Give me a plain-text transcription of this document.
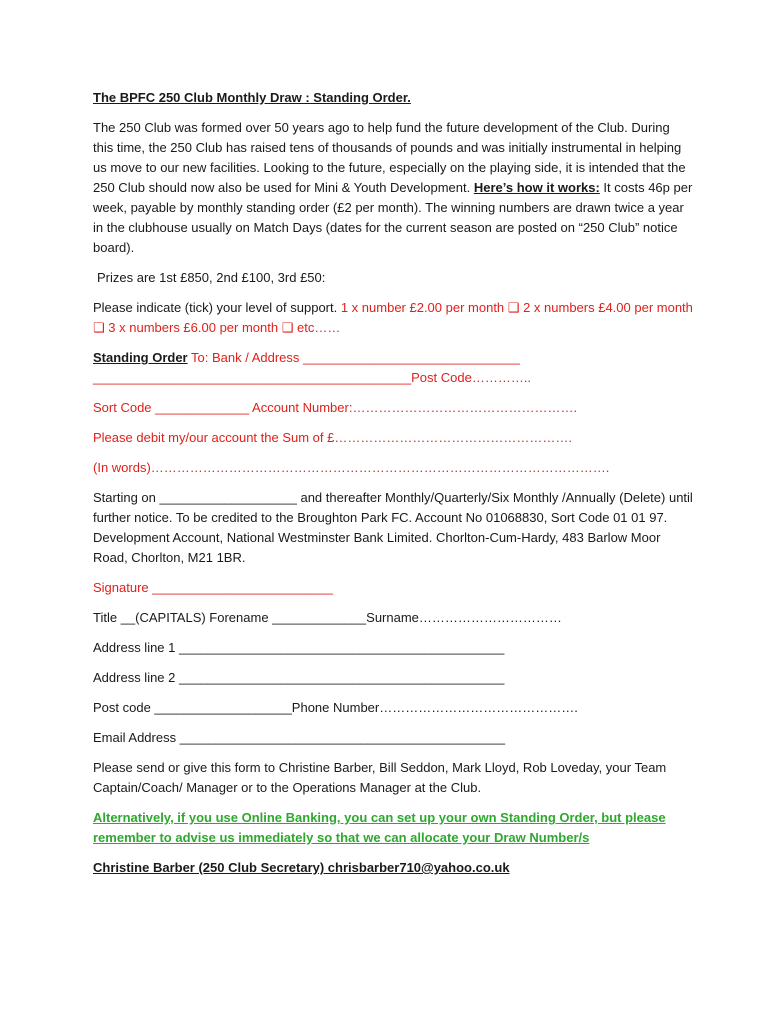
The BPFC 250 Club Monthly Draw : Standing Order.

The 250 Club was formed over 50 years ago to help fund the future development of the Club. During this time, the 250 Club has raised tens of thousands of pounds and was initially instrumental in helping us move to our new facilities. Looking to the future, especially on the playing side, it is intended that the 250 Club should now also be used for Mini & Youth Development. Here’s how it works: It costs 46p per week, payable by monthly standing order (£2 per month). The winning numbers are drawn twice a year in the clubhouse usually on Match Days (dates for the current season are posted on “250 Club” notice board).

Prizes are 1st £850, 2nd £100, 3rd £50:

Please indicate (tick) your level of support. 1 x number £2.00 per month ❑ 2 x numbers £4.00 per month ❑ 3 x numbers £6.00 per month ❑ etc……

Standing Order To: Bank / Address ______________________________
____________________________________________Post Code…………..

Sort Code _____________ Account Number:…………………………………………….

Please debit my/our account the Sum of £……………………………………………….

(In words)…………………………………………………………………………………………….

Starting on ___________________ and thereafter Monthly/Quarterly/Six Monthly /Annually (Delete) until further notice. To be credited to the Broughton Park FC. Account No 01068830, Sort Code 01 01 97. Development Account, National Westminster Bank Limited. Chorlton-Cum-Hardy, 483 Barlow Moor Road, Chorlton, M21 1BR.

Signature _________________________

Title __(CAPITALS) Forename _____________Surname……………………………

Address line 1 _____________________________________________

Address line 2 _____________________________________________

Post code ___________________Phone Number……………………………………….

Email Address _____________________________________________

Please send or give this form to Christine Barber, Bill Seddon, Mark Lloyd, Rob Loveday, your Team Captain/Coach/ Manager or to the Operations Manager at the Club.

Alternatively, if you use Online Banking, you can set up your own Standing Order, but please remember to advise us immediately so that we can allocate your Draw Number/s

Christine Barber (250 Club Secretary) chrisbarber710@yahoo.co.uk
